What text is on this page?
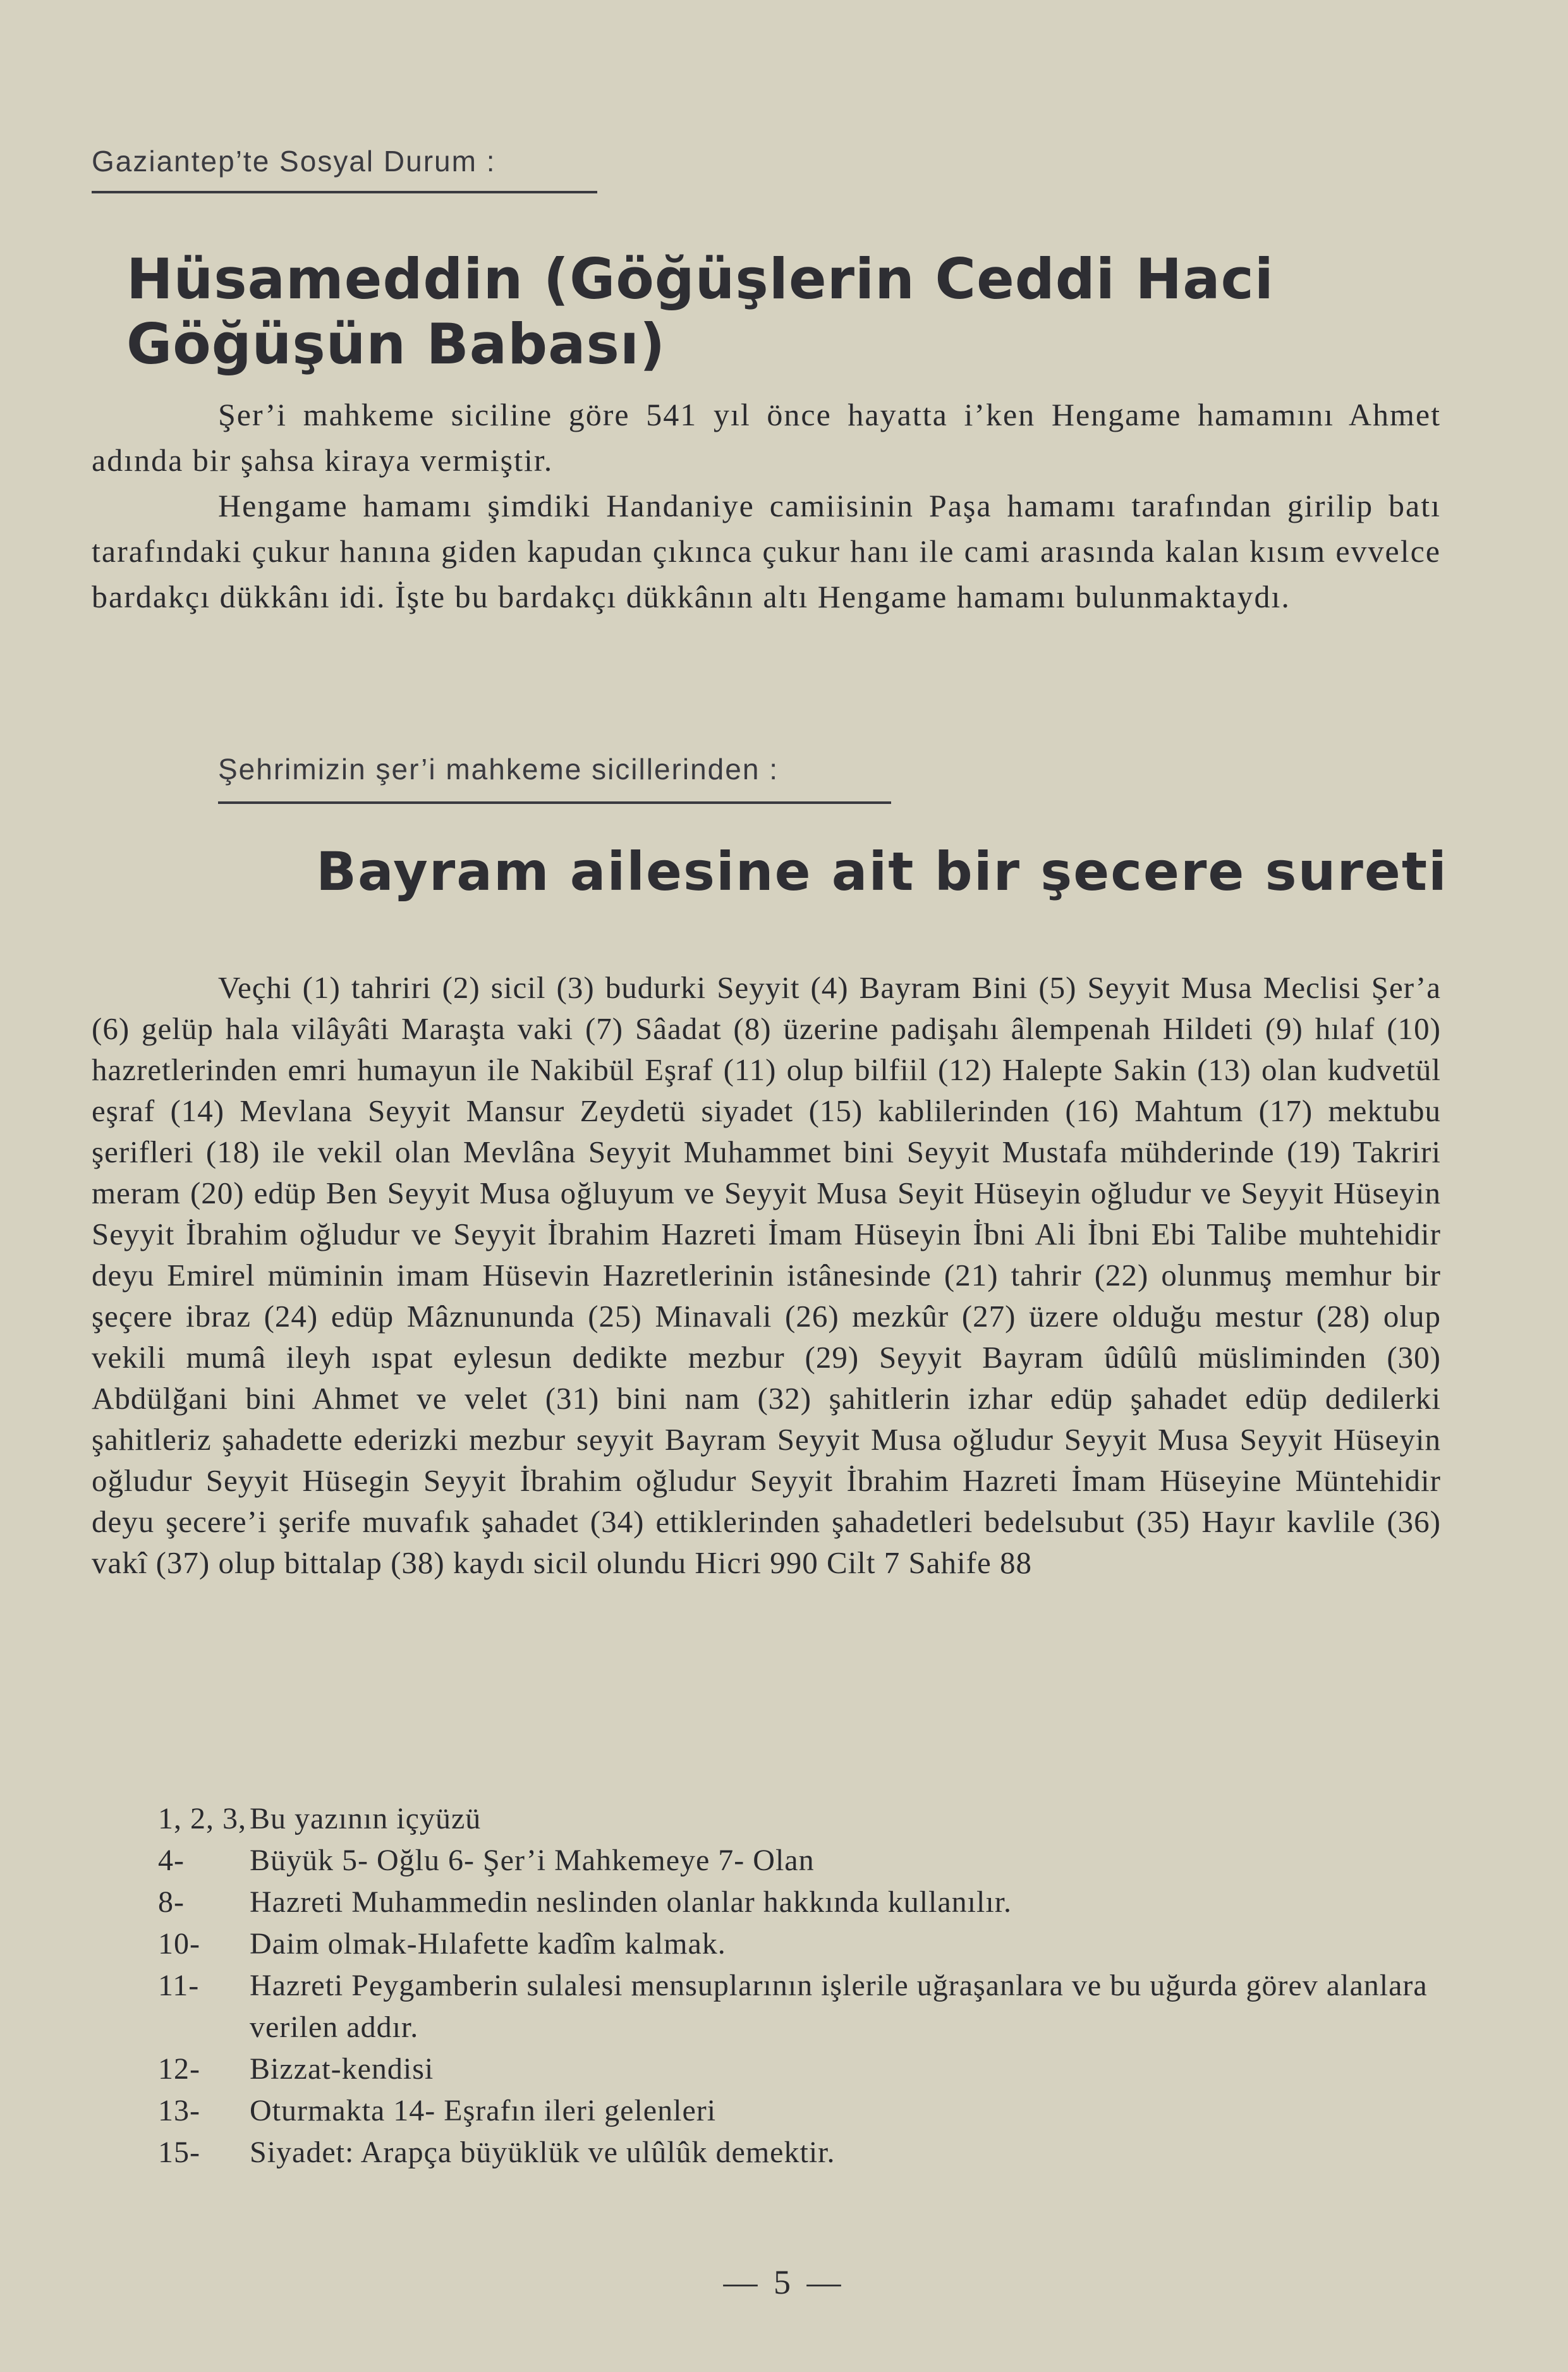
Gaziantep’te Sosyal Durum :
Hüsameddin (Göğüşlerin Ceddi Haci Göğüşün Babası)

Şer’i mahkeme siciline göre 541 yıl önce hayatta i’ken Hengame hamamını Ahmet adında bir şahsa kiraya vermiştir.

Hengame hamamı şimdiki Handaniye camiisinin Paşa hamamı tarafından girilip batı tarafındaki çukur hanına giden kapudan çıkınca çukur hanı ile cami arasında kalan kısım evvelce bardakçı dükkânı idi. İşte bu bardakçı dükkânın altı Hengame hamamı bulunmaktaydı.

Şehrimizin şer’i mahkeme sicillerinden :
Bayram ailesine ait bir şecere sureti

Veçhi (1) tahriri (2) sicil (3) budurki Seyyit (4) Bayram Bini (5) Seyyit Musa Meclisi Şer’a (6) gelüp hala vilâyâti Maraşta vaki (7) Sâadat (8) üzerine padişahı âlempenah Hildeti (9) hılaf (10) hazretlerinden emri humayun ile Nakibül Eşraf (11) olup bilfiil (12) Halepte Sakin (13) olan kudvetül eşraf (14) Mevlana Seyyit Mansur Zeydetü siyadet (15) kablilerinden (16) Mahtum (17) mektubu şerifleri (18) ile vekil olan Mevlâna Seyyit Muhammet bini Seyyit Mustafa mühderinde (19) Takriri meram (20) edüp Ben Seyyit Musa oğluyum ve Seyyit Musa Seyit Hüseyin oğludur ve Seyyit Hüseyin Seyyit İbrahim oğludur ve Seyyit İbrahim Hazreti İmam Hüseyin İbni Ali İbni Ebi Talibe muhtehidir deyu Emirel müminin imam Hüsevin Hazretlerinin istânesinde (21) tahrir (22) olunmuş memhur bir şeçere ibraz (24) edüp Mâznununda (25) Minavali (26) mezkûr (27) üzere olduğu mestur (28) olup vekili mumâ ileyh ıspat eylesun dedikte mezbur (29) Seyyit Bayram ûdûlû müsliminden (30) Abdülğani bini Ahmet ve velet (31) bini nam (32) şahitlerin izhar edüp şahadet edüp dedilerki şahitleriz şahadette ederizki mezbur seyyit Bayram Seyyit Musa oğludur Seyyit Musa Seyyit Hüseyin oğludur Seyyit Hüsegin Seyyit İbrahim oğludur Seyyit İbrahim Hazreti İmam Hüseyine Müntehidir deyu şecere’i şerife muvafık şahadet (34) ettiklerinden şahadetleri bedelsubut (35) Hayır kavlile (36) vakî (37) olup bittalap (38) kaydı sicil olundu Hicri 990 Cilt 7 Sahife 88

1, 2, 3, Bu yazının içyüzü
4-	Büyük 5- Oğlu 6- Şer’i Mahkemeye 7- Olan
8-	Hazreti Muhammedin neslinden olanlar hakkında kullanılır.
10-	Daim olmak-Hılafette kadîm kalmak.
11-	Hazreti Peygamberin sulalesi mensuplarının işlerile uğraşanlara ve bu uğurda görev alanlara verilen addır.
12-	Bizzat-kendisi
13-	Oturmakta 14- Eşrafın ileri gelenleri
15-	Siyadet: Arapça büyüklük ve ulûlûk demektir.
— 5 —
